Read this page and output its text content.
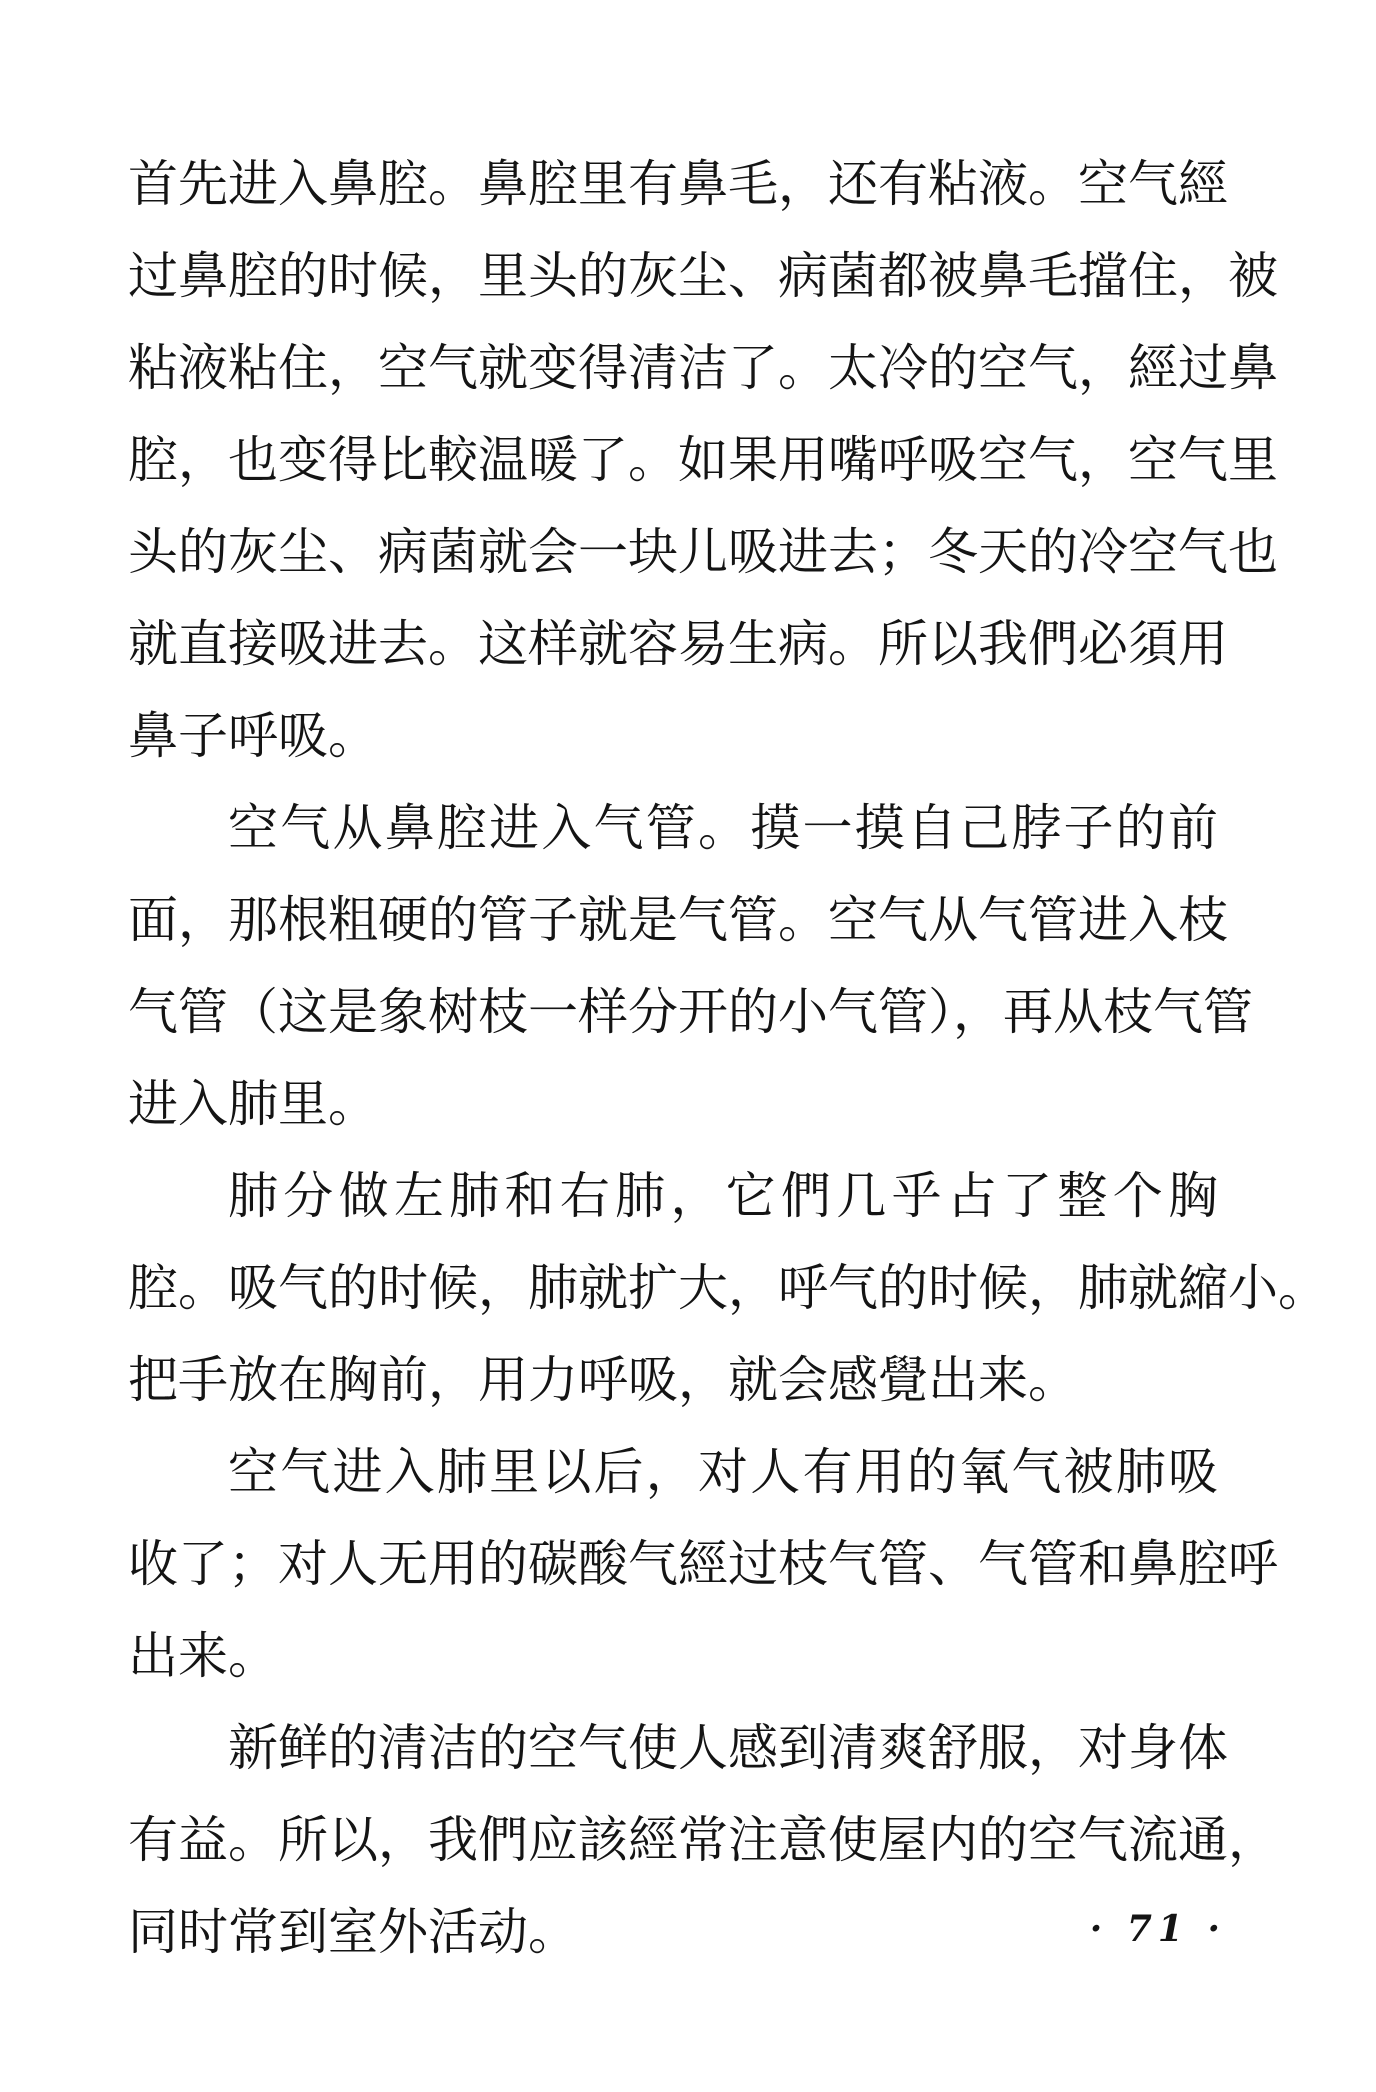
首先进入鼻腔。鼻腔里有鼻毛，还有粘液。空气經
过鼻腔的时候，里头的灰尘、病菌都被鼻毛擋住，被
粘液粘住，空气就变得清洁了。太冷的空气，經过鼻
腔，也变得比較温暖了。如果用嘴呼吸空气，空气里
头的灰尘、病菌就会一块儿吸进去；冬天的冷空气也
就直接吸进去。这样就容易生病。所以我們必須用
鼻子呼吸。
空气从鼻腔进入气管。摸一摸自己脖子的前
面，那根粗硬的管子就是气管。空气从气管进入枝
气管（这是象树枝一样分开的小气管），再从枝气管
进入肺里。
肺分做左肺和右肺，它們几乎占了整个胸
腔。吸气的时候，肺就扩大，呼气的时候，肺就縮小。
把手放在胸前，用力呼吸，就会感覺出来。
空气进入肺里以后，对人有用的氧气被肺吸
收了；对人无用的碳酸气經过枝气管、气管和鼻腔呼
出来。
新鲜的清洁的空气使人感到清爽舒服，对身体
有益。所以，我們应該經常注意使屋内的空气流通，
同时常到室外活动。	· 71 ·
